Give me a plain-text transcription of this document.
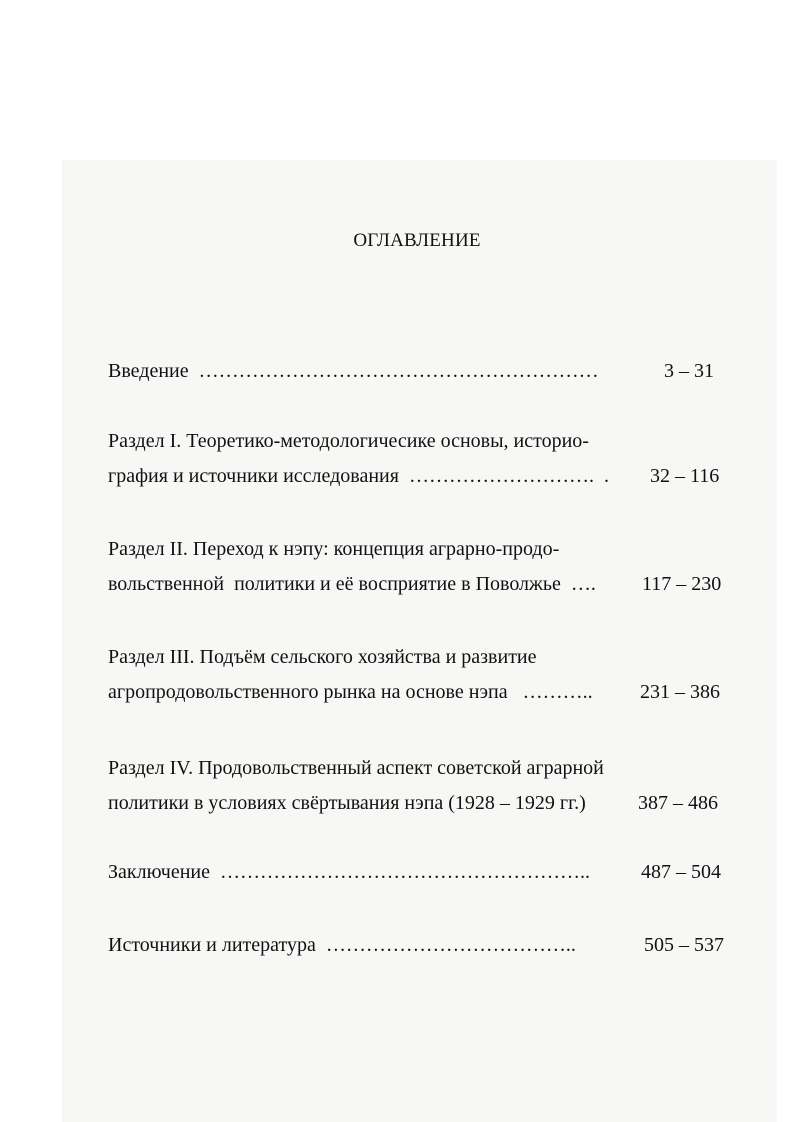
ОГЛАВЛЕНИЕ

Введение  ……………………………………………………	3 – 31

Раздел I. Теоретико-методологичесике основы, историо-

графия и источники исследования  ……………………….  . 32 – 116

Раздел II. Переход к нэпу: концепция аграрно-продо-

вольственной  политики и её восприятие в Поволжье  …. 117 – 230

Раздел III. Подъём сельского хозяйства и развитие

агропродовольственного рынка на основе нэпа   ……….. 231 – 386

Раздел IV. Продовольственный аспект советской аграрной

политики в условиях свёртывания нэпа (1928 – 1929 гг.)	387 – 486

Заключение  ………………………………………………..	487 – 504

Источники и литература  ………………………………..	505 – 537
